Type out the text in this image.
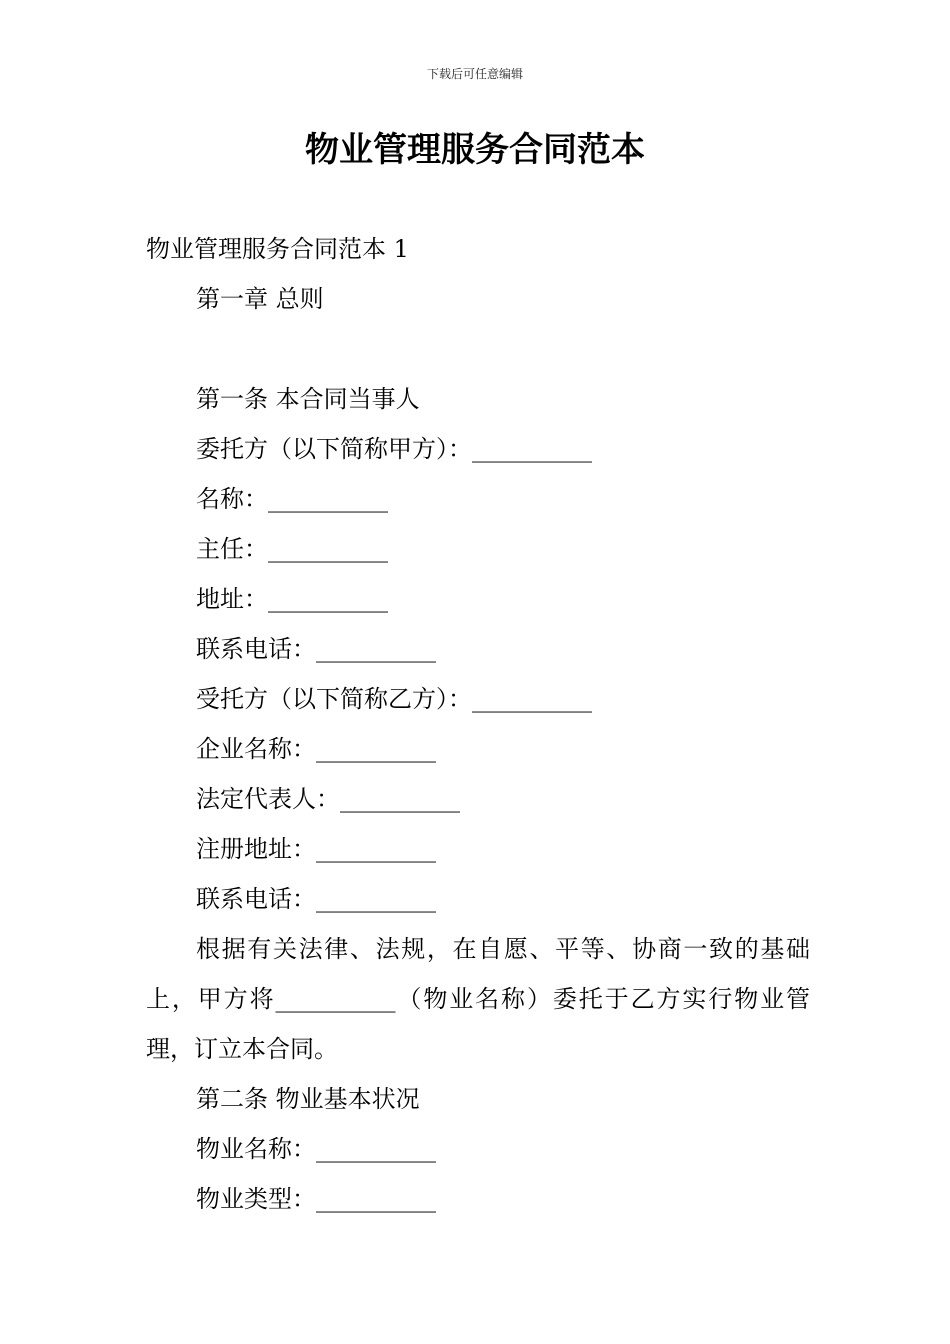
下载后可任意编辑
物业管理服务合同范本
物业管理服务合同范本 1
第一章 总则
第一条 本合同当事人
委托方（以下简称甲方）：__________
名称：__________
主任：__________
地址：__________
联系电话：__________
受托方（以下简称乙方）：__________
企业名称：__________
法定代表人：__________
注册地址：__________
联系电话：__________

根据有关法律、法规，在自愿、平等、协商一致的基础上，甲方将__________（物业名称）委托于乙方实行物业管理，订立本合同。

第二条 物业基本状况
物业名称：__________
物业类型：__________
